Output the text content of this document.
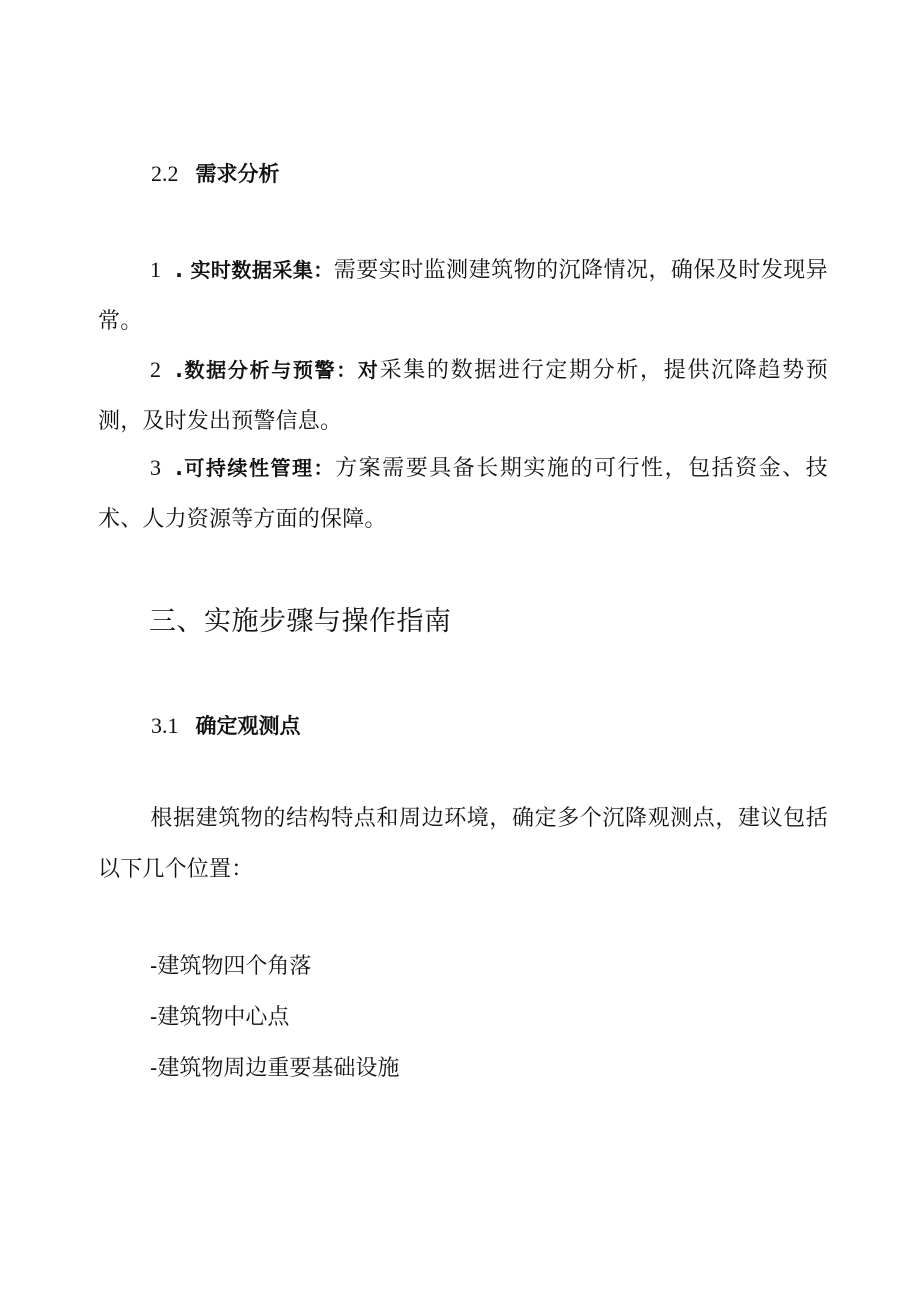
2.2 需求分析
1 . 实时数据采集：需要实时监测建筑物的沉降情况，确保及时发现异常。
2 .数据分析与预警：对采集的数据进行定期分析，提供沉降趋势预测，及时发出预警信息。
3 .可持续性管理：方案需要具备长期实施的可行性，包括资金、技术、人力资源等方面的保障。
三、实施步骤与操作指南
3.1 确定观测点
根据建筑物的结构特点和周边环境，确定多个沉降观测点，建议包括以下几个位置：
-建筑物四个角落
-建筑物中心点
-建筑物周边重要基础设施
